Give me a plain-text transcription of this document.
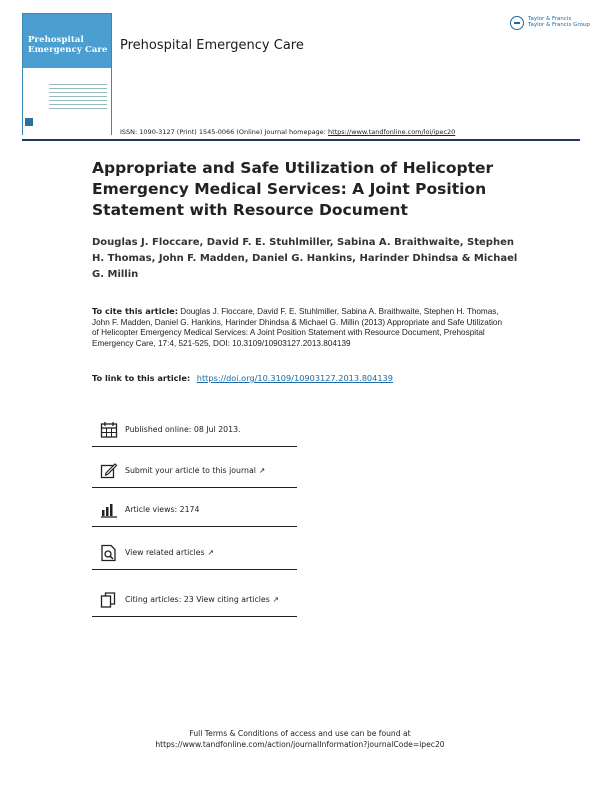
Prehospital
Emergency Care Prehospital Emergency Care
Taylor & Francis
Taylor & Francis Group
ISSN: 1090-3127 (Print) 1545-0066 (Online) Journal homepage: https://www.tandfonline.com/loi/ipec20
Appropriate and Safe Utilization of Helicopter Emergency Medical Services: A Joint Position Statement with Resource Document
Douglas J. Floccare, David F. E. Stuhlmiller, Sabina A. Braithwaite, Stephen H. Thomas, John F. Madden, Daniel G. Hankins, Harinder Dhindsa & Michael G. Millin
To cite this article: Douglas J. Floccare, David F. E. Stuhlmiller, Sabina A. Braithwaite, Stephen H. Thomas, John F. Madden, Daniel G. Hankins, Harinder Dhindsa & Michael G. Millin (2013) Appropriate and Safe Utilization of Helicopter Emergency Medical Services: A Joint Position Statement with Resource Document, Prehospital Emergency Care, 17:4, 521-525, DOI: 10.3109/10903127.2013.804139
To link to this article: https://doi.org/10.3109/10903127.2013.804139
Published online: 08 Jul 2013.
Submit your article to this journal ↗
Article views: 2174
View related articles ↗
Citing articles: 23 View citing articles ↗
Full Terms & Conditions of access and use can be found at
https://www.tandfonline.com/action/journalInformation?journalCode=ipec20
